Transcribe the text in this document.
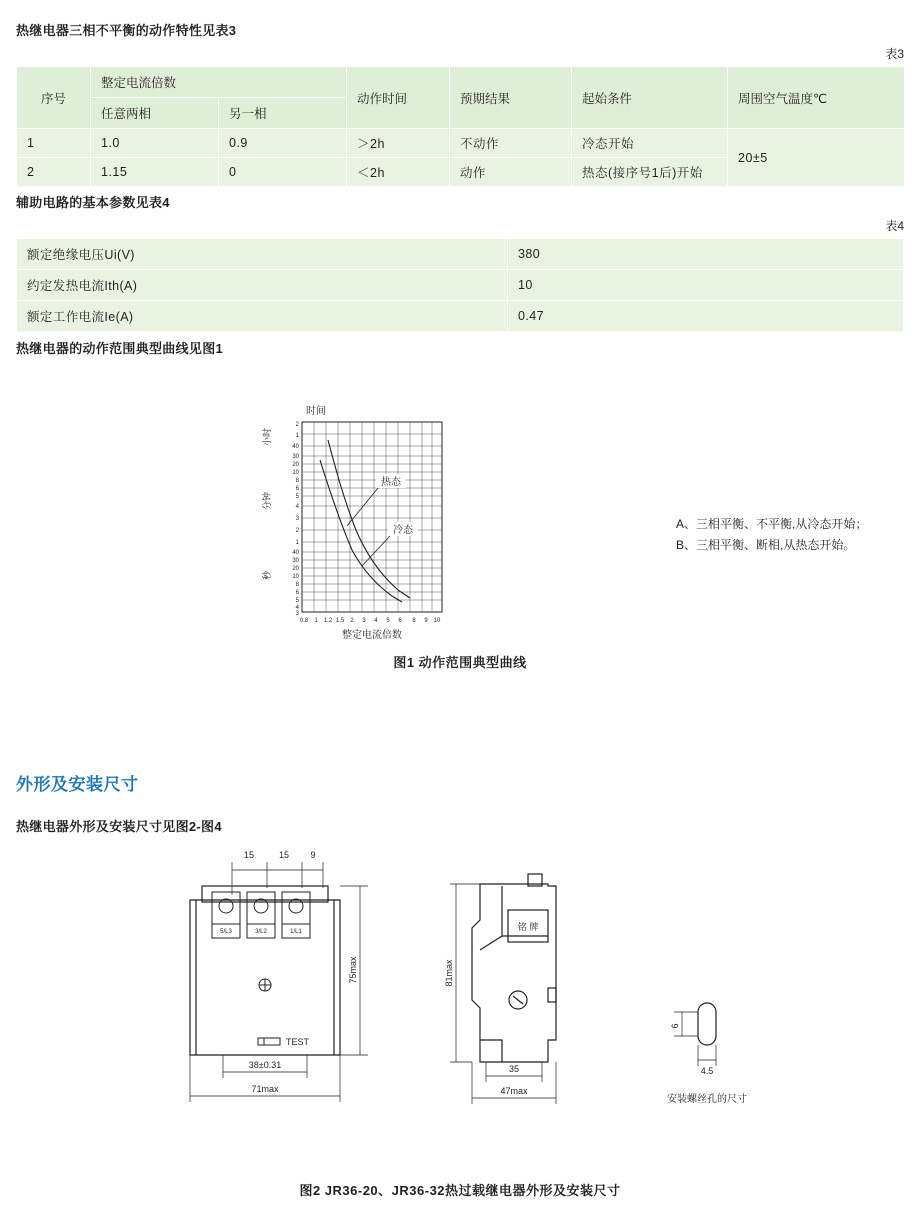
热继电器三相不平衡的动作特性见表3
表3
序号	整定电流倍数		动作时间	预期结果	起始条件	周围空气温度℃
	任意两相	另一相				
1	1.0	0.9	＞2h	不动作	冷态开始	20±5
2	1.15	0	＜2h	动作	热态(接序号1后)开始	
辅助电路的基本参数见表4
表4
额定绝缘电压Ui(V)	380
约定发热电流Ith(A)	10
额定工作电流Ie(A)	0.47
热继电器的动作范围典型曲线见图1
2
1
40
30
20
10
8
6
5
4
3
2
1
40
30
20
10
8
6
5
4
3
0.8 1 1.2 1.5 2 3 4 5 6 8 9 10
小时
分钟
秒
时间
整定电流倍数
热态
冷态	A、三相平衡、不平衡,从冷态开始；
B、三相平衡、断相,从热态开始。
图1 动作范围典型曲线
外形及安装尺寸
热继电器外形及安装尺寸见图2-图4
15	15 9
5/L3	3/L2	1/L1
TEST
75max
38±0.31
71max
铭 牌
81max
35
47max
6
4.5
安装螺丝孔的尺寸
图2 JR36-20、JR36-32热过载继电器外形及安装尺寸
